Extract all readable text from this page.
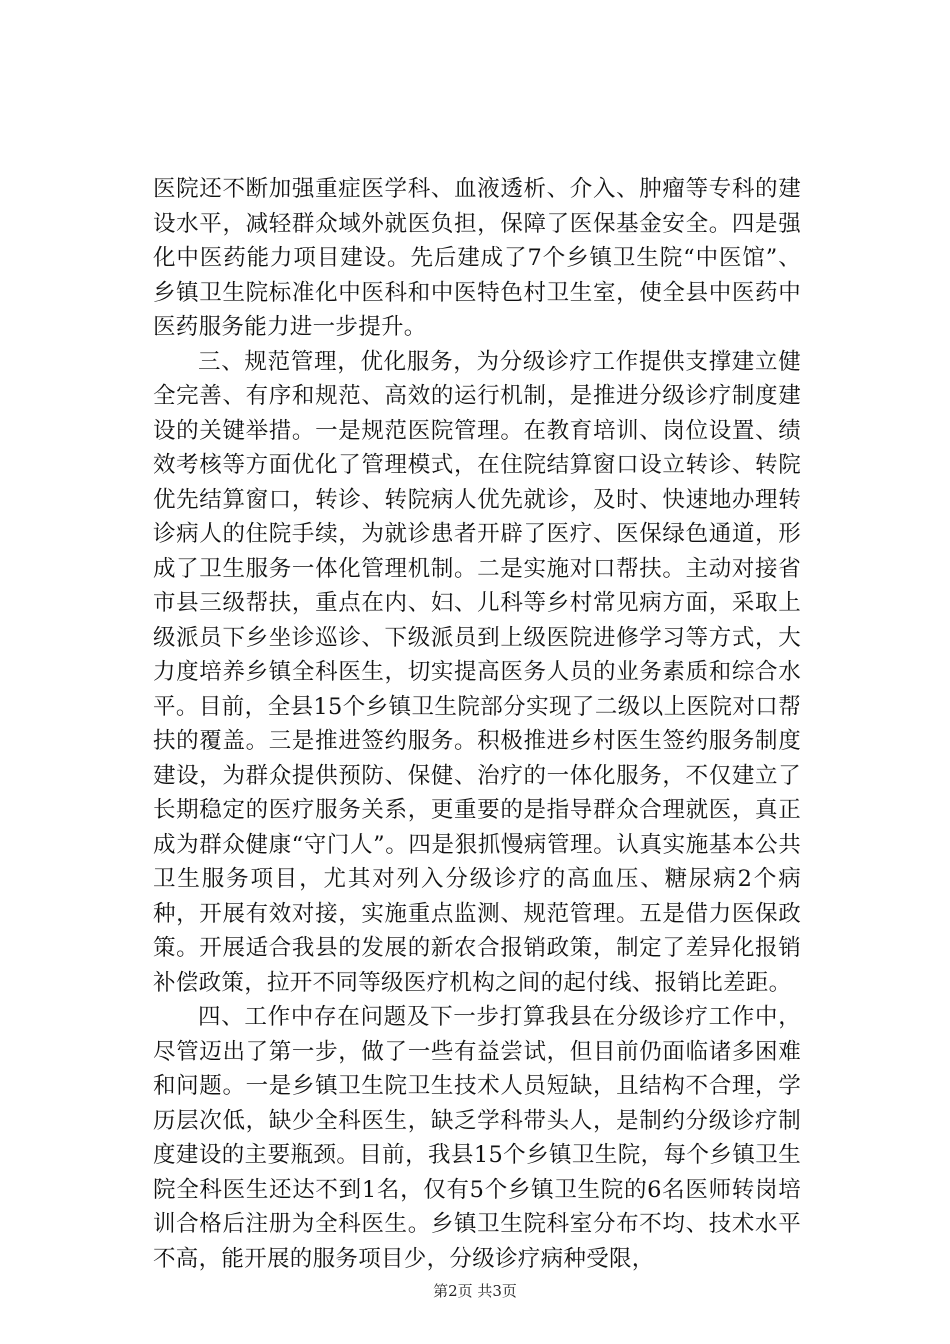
医院还不断加强重症医学科、血液透析、介入、肿瘤等专科的建设水平，减轻群众域外就医负担，保障了医保基金安全。四是强化中医药能力项目建设。先后建成了7个乡镇卫生院“中医馆”、乡镇卫生院标准化中医科和中医特色村卫生室，使全县中医药中医药服务能力进一步提升。

三、规范管理，优化服务，为分级诊疗工作提供支撑建立健全完善、有序和规范、高效的运行机制，是推进分级诊疗制度建设的关键举措。一是规范医院管理。在教育培训、岗位设置、绩效考核等方面优化了管理模式，在住院结算窗口设立转诊、转院优先结算窗口，转诊、转院病人优先就诊，及时、快速地办理转诊病人的住院手续，为就诊患者开辟了医疗、医保绿色通道，形成了卫生服务一体化管理机制。二是实施对口帮扶。主动对接省市县三级帮扶，重点在内、妇、儿科等乡村常见病方面，采取上级派员下乡坐诊巡诊、下级派员到上级医院进修学习等方式，大力度培养乡镇全科医生，切实提高医务人员的业务素质和综合水平。目前，全县15个乡镇卫生院部分实现了二级以上医院对口帮扶的覆盖。三是推进签约服务。积极推进乡村医生签约服务制度建设，为群众提供预防、保健、治疗的一体化服务，不仅建立了长期稳定的医疗服务关系，更重要的是指导群众合理就医，真正成为群众健康“守门人”。四是狠抓慢病管理。认真实施基本公共卫生服务项目，尤其对列入分级诊疗的高血压、糖尿病2个病种，开展有效对接，实施重点监测、规范管理。五是借力医保政策。开展适合我县的发展的新农合报销政策，制定了差异化报销补偿政策，拉开不同等级医疗机构之间的起付线、报销比差距。

四、工作中存在问题及下一步打算我县在分级诊疗工作中，尽管迈出了第一步，做了一些有益尝试，但目前仍面临诸多困难和问题。一是乡镇卫生院卫生技术人员短缺，且结构不合理，学历层次低，缺少全科医生，缺乏学科带头人，是制约分级诊疗制度建设的主要瓶颈。目前，我县15个乡镇卫生院，每个乡镇卫生院全科医生还达不到1名，仅有5个乡镇卫生院的6名医师转岗培训合格后注册为全科医生。乡镇卫生院科室分布不均、技术水平不高，能开展的服务项目少，分级诊疗病种受限，

第2页 共3页
